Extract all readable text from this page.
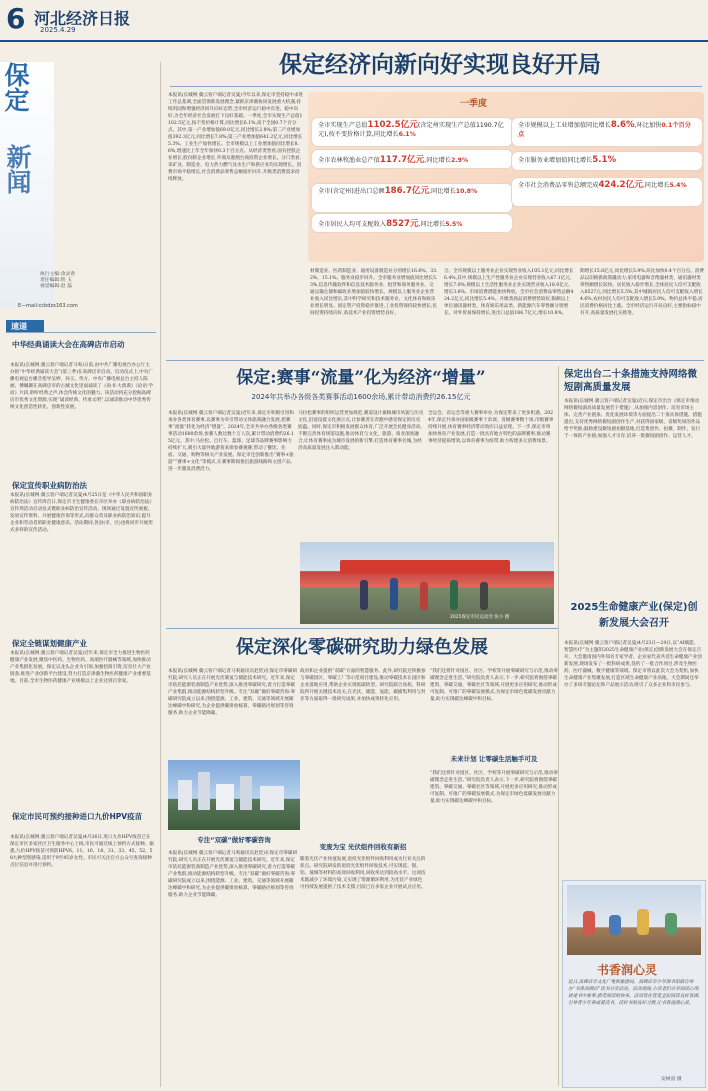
6 河北经济日报
2025.4.29
保定
新闻
执行主编:余灵春
责任编辑:铁 玉
视觉编辑:赵 磊
E—mail:ccbdzx163.com
速递
中华经典诵读大会在高碑店市启动
本报讯(长城网·冀云客户端记者马爽)日前,由中共广播电视台办公厅主办的“中华经典诵读大会”(第三季)在高碑店市启动。启动仪式上,中央广播电视总台播音指导吴婷、孙玉、英方、中央广播电视总台主持人陈丽、傅珮珊在高碑店市的古城文化里面诵读了《尚书·大禹谟》《论语·学而》片段,聆听经典之声,体会传统文化的魅力。该活动将充分挖掘高碑店市优秀文化资源,实现“诵读经典、传承文明”,以诵读推动中华优秀传统文化创造性转化、创新性发展。
保定宣传职业病防治法
本报讯(长城网·冀云客户端记者吴曼)4月25日是《中华人民共和国职业病防治法》宣传周首日,保定市卫生健康委在市区举办《职业病防治法》宣传周活动启动仪式暨职业病防治宣传活动。现场通过设置宣传展板、发放宣传资料、开展健康咨询等形式,向群众普及职业病防治知识,提升企业和劳动者的职业健康意识。活动期间,各县(市、区)也将同步开展形式多样的宣传活动。
保定全链谋划健康产业
本报讯(长城网·冀云客户端记者吴曼)近年来,保定市全力推进生物医药健康产业发展,聚焦中医药、生物医药、高端医疗器械等领域,加快推动产业集群化发展。保定以龙头企业为引领,加强招商引资,培育壮大产业链条,推进产业创新平台建设,努力打造京津冀生物医药健康产业重要基地。目前,全市生物医药健康产业规模以上企业达到百余家。
保定市民可预约接种进口九价HPV疫苗
本报讯(长城网·冀云客户端记者吴曼)4月26日,进口九价HPV疫苗已在保定市区多家社区卫生服务中心上线,市民可通过线上预约方式接种。据悉,九价HPV疫苗可预防HPV6、11、16、18、31、33、45、52、58九种型别感染,适用于9至45岁女性。市民可关注官方公众号查询接种点位信息并进行预约。
保定经济向新向好实现良好开局
本报讯(长城网·冀云客户端记者吴曼)今年以来,保定市坚持稳中求进工作总基调,全面贯彻新发展理念,紧抓京津冀协同发展重大机遇,持续巩固和增强经济回升向好态势,全市经济运行稳中有进、稳中向好,为全年经济社会发展打下良好基础。一季度,全市实现生产总值1102.5亿元,按不变价格计算,同比增长6.1%,高于全国0.7个百分点。其中,第一产业增加值69.0亿元,同比增长2.8%;第二产业增加值392.3亿元,同比增长7.8%;第三产业增加值641.2亿元,同比增长5.3%。工业生产加快增长。全市规模以上工业增加值同比增长8.6%,增速比上年全年加快0.3个百分点。从经济类型看,国有控股企业增长,股份制企业增长,外商及港澳台商投资企业增长。分门类看,采矿业、制造业、电力热力燃气及水生产和供应业均实现增长。消费市场平稳增长,社会消费品零售总额稳步回升,升级类消费需求持续释放。
一季度
全市实现生产总值1102.5亿元(含定州实现生产总值1190.7亿元),按不变价格计算,同比增长6.1%
全市农林牧渔业总产值117.7亿元,同比增长2.9%
全市(含定州)进出口总额186.7亿元,同比增长10.8%
全市居民人均可支配收入8527元,同比增长5.5%
全市规模以上工业增加值同比增长8.6%,环比加快0.1个百分点
全市服务业增加值同比增长5.1%
全市社会消费品零售总额完成424.2亿元,同比增长5.4%
材制造业、医药制造业、通用设备制造业分别增长16.6%、33.2%、15.1%。服务业稳步回升。全市服务业增加值同比增长5.3%,信息传输软件和信息技术服务业、租赁和商务服务业、交通运输仓储和邮政业增加值较快增长。规模以上服务业企业营业收入同比增长,其中科学研究和技术服务业、文化体育和娱乐业增长明显。固定资产投资稳步推进,工业投资保持较快增长,民间投资持续向好,高技术产业投资增势良好。
合。全市规模以上服务业企业实现营业收入105.1亿元,同比增长6.4%,其中,规模以上生产性服务业企业实现营业收入67.1亿元,增长7.0%,规模以上生活性服务业企业实现营业收入18.0亿元,增长3.6%。市场消费潜能加快释放。全市社会消费品零售总额424.2亿元,同比增长5.4%。升级类商品消费增势较好,限额以上单位通讯器材类、体育娱乐用品类、新能源汽车零售额分别增长。对外贸易保持增长,进出口总值186.7亿元,增长10.8%。
期增长15.8亿元,同比增长5.9%,环比加快0.4个百分点。消费品以旧换新政策撬动力,家用电器和音像器材类、通讯器材类零售额增长较快。居民收入稳步增长,全体居民人均可支配收入8527元,同比增长5.5%,其中城镇居民人均可支配收入增长4.6%,农村居民人均可支配收入增长5.9%。物价总体平稳,居民消费价格同比上涨。全市经济运行开局良好,主要指标稳中有升,高质量发展扎实推进。
保定:赛事“流量”化为经济“增量”
2024年共举办各级各类赛事活动1600余场,累计带动消费约26.15亿元
本报讯(长城网·冀云客户端记者吴曼)近年来,保定市积极引进和承办各类体育赛事,以赛事为牵引带动文体旅商融合发展,把赛事“流量”转化为经济“增量”。2024年,全市共举办各级各类赛事活动1600余场,参赛人数达数十万人次,累计带动消费约26.15亿元。其中,马拉松、自行车、篮球、足球等品牌赛事影响力持续扩大,吸引大量外地游客来保参赛观赛,带动了餐饮、住宿、交通、购物等相关产业发展。保定市还创新推出“赛事+旅游”“赛事+文化”等模式,在赛事期间推出旅游线路和文创产品,进一步激发消费活力。
马拉松赛事的组织运营更加规范,赛道设计兼顾城市风貌与历史文化,沿途设置文化展示点,让参赛者在奔跑中感受保定的历史底蕴。同时,保定市积极发展群众体育,广泛开展全民健身活动,不断完善体育场馆设施,推动体育与文化、旅游、商业深度融合,让体育赛事成为城市发展的新引擎,打造体育赛事名城,为经济高质量发展注入新动能。
全运会、省运会等重大赛事举办,为保定带来了更多机遇。2024年,保定共承办国家级赛事十余项、省级赛事数十项,市级赛事持续开展,体育赛事经济带动效应日益显现。下一步,保定市将加快体育产业发展,打造一批具有地方特色的品牌赛事,推动赛事经济提质增效,以体育赛事为纽带,助力构建多元消费场景。
2025保定市民运动会 张小 摄
保定深化零碳研究助力绿色发展
本报讯(长城网·冀云客户端记者马爽通讯员赵贺)在保定市零碳研究院,研究人员正在开展光伏制氢与储能技术研究。近年来,保定市依托能源装备制造产业优势,深入推进零碳研究,着力打造零碳产业集群,推动能源结构转型升级。专注“双碳”做好零碳咨询:零碳研究院成立以来,围绕能源、工业、建筑、交通等领域开展碳达峰碳中和研究,为企业提供碳排放核算、零碳路径规划等咨询服务,助力企业节能降碳。
专注“双碳”做好零碳咨询
政府和企业提供“双碳”方面的智慧服务。此外,研究院还积极参与零碳园区、零碳工厂等示范项目建设,推动零碳技术在园区和企业落地应用,帮助企业实现低碳转型。研究院联合高校、科研院所开展关键技术攻关,在光伏、储能、氢能、碳捕集利用与封存等方面取得一批研究成果,并加快成果转化应用。
变废为宝 光伏组件回收有新招
随着光伏产业快速发展,退役光伏组件回收利用成为行业关注的焦点。研究院研发的退役光伏组件回收技术,可实现硅、银、铝、玻璃等材料的高效回收利用,回收率达到较高水平。这项技术既减少了环境污染,又实现了资源循环利用,为光伏产业绿色可持续发展提供了技术支撑,目前已在多家企业开展试点应用。
未来计划 让零碳生活触手可及
“我们还将针对园区、社区、学校等开展零碳研究与示范,推动零碳理念走进生活。”研究院负责人表示,下一步,研究院将围绕零碳建筑、零碳交通、零碳社区等领域,开展更多应用研究,推动形成可复制、可推广的零碳发展模式,为保定市绿色低碳发展贡献力量,助力实现碳达峰碳中和目标。
“我们还将针对园区、社区、学校等开展零碳研究与示范,推动零碳理念走进生活。”研究院负责人表示,下一步,研究院将围绕零碳建筑、零碳交通、零碳社区等领域,开展更多应用研究,推动形成可复制、可推广的零碳发展模式,为保定市绿色低碳发展贡献力量,助力实现碳达峰碳中和目标。
本报讯(长城网·冀云客户端记者马爽通讯员赵贺)在保定市零碳研究院,研究人员正在开展光伏制氢与储能技术研究。近年来,保定市依托能源装备制造产业优势,深入推进零碳研究,着力打造零碳产业集群,推动能源结构转型升级。专注“双碳”做好零碳咨询:零碳研究院成立以来,围绕能源、工业、建筑、交通等领域开展碳达峰碳中和研究,为企业提供碳排放核算、零碳路径规划等咨询服务,助力企业节能降碳。
保定出台二十条措施支持网络微短剧高质量发展
本报讯(长城网·冀云客户端记者吴曼)近日,保定市出台《保定市推动网络微短剧高质量发展若干措施》,从加强内容创作、培育市场主体、完善产业链条、优化发展环境等方面提出二十条具体措施。措施提出,支持优秀网络微短剧创作生产,对获得国家级、省级奖项的作品给予奖励;鼓励建设微短剧拍摄基地,打造集创作、拍摄、制作、发行于一体的产业链;加强人才引育,培养一批微短剧创作、运营人才。
2025生命健康产业(保定)创新发展大会召开
本报讯(长城网·冀云客户端记者吴曼)4月23日—24日,以“AI赋能、智慧医疗”为主题的2025生命健康产业(保定)创新发展大会在保定召开。大会邀请国内外知名专家学者、企业家代表共话生命健康产业创新发展,现场发布了一批科研成果,签约了一批合作项目,涉及生物医药、医疗器械、数字健康等领域。保定市将以此次大会为契机,加快生命健康产业集聚发展,打造区域生命健康产业高地。大会期间还举办了多场专题论坛和产品展示活动,吸引了众多企业和市民参与。
书香润心灵
近日,高碑店市文化广电和旅游局、高碑店市少年图书馆联合举办“书香高碑店”读书分享活动。活动现场,小读者们分享阅读心得,讲述书中故事,感受阅读的快乐。活动旨在营造全民阅读良好氛围,引导青少年养成爱读书、读好书的良好习惯,让书香浸润心灵。
安树富 摄
